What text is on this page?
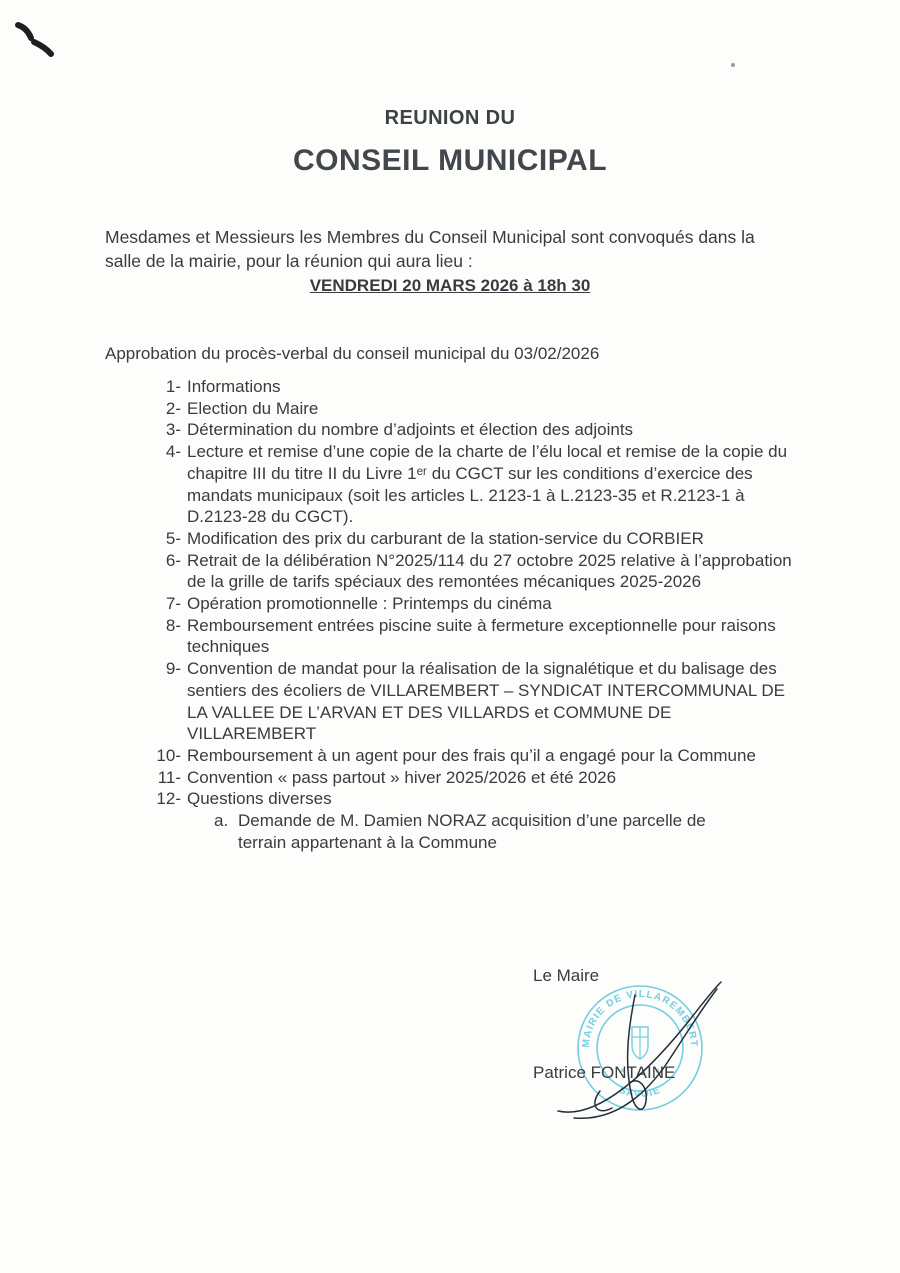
REUNION DU
CONSEIL MUNICIPAL

Mesdames et Messieurs les Membres du Conseil Municipal sont convoqués dans la salle de la mairie, pour la réunion qui aura lieu :

VENDREDI 20 MARS 2026 à 18h 30
Approbation du procès-verbal du conseil municipal du 03/02/2026
1- Informations
2- Election du Maire
3- Détermination du nombre d’adjoints et élection des adjoints
4- Lecture et remise d’une copie de la charte de l’élu local et remise de la copie du chapitre III du titre II du Livre 1ᵉʳ du CGCT sur les conditions d’exercice des mandats municipaux (soit les articles L. 2123-1 à L.2123-35 et R.2123-1 à D.2123-28 du CGCT).
5- Modification des prix du carburant de la station-service du CORBIER
6- Retrait de la délibération N°2025/114 du 27 octobre 2025 relative à l’approbation de la grille de tarifs spéciaux des remontées mécaniques 2025-2026
7- Opération promotionnelle : Printemps du cinéma
8- Remboursement entrées piscine suite à fermeture exceptionnelle pour raisons techniques
9- Convention de mandat pour la réalisation de la signalétique et du balisage des sentiers des écoliers de VILLAREMBERT – SYNDICAT INTERCOMMUNAL DE LA VALLEE DE L’ARVAN ET DES VILLARDS et COMMUNE DE VILLAREMBERT
10- Remboursement à un agent pour des frais qu’il a engagé pour la Commune
11- Convention « pass partout » hiver 2025/2026 et été 2026
12- Questions diverses
a. Demande de M. Damien NORAZ acquisition d’une parcelle de terrain appartenant à la Commune
Le Maire
MAIRIE DE VILLAREMBERT
SAVOIE
Patrice FONTAINE
